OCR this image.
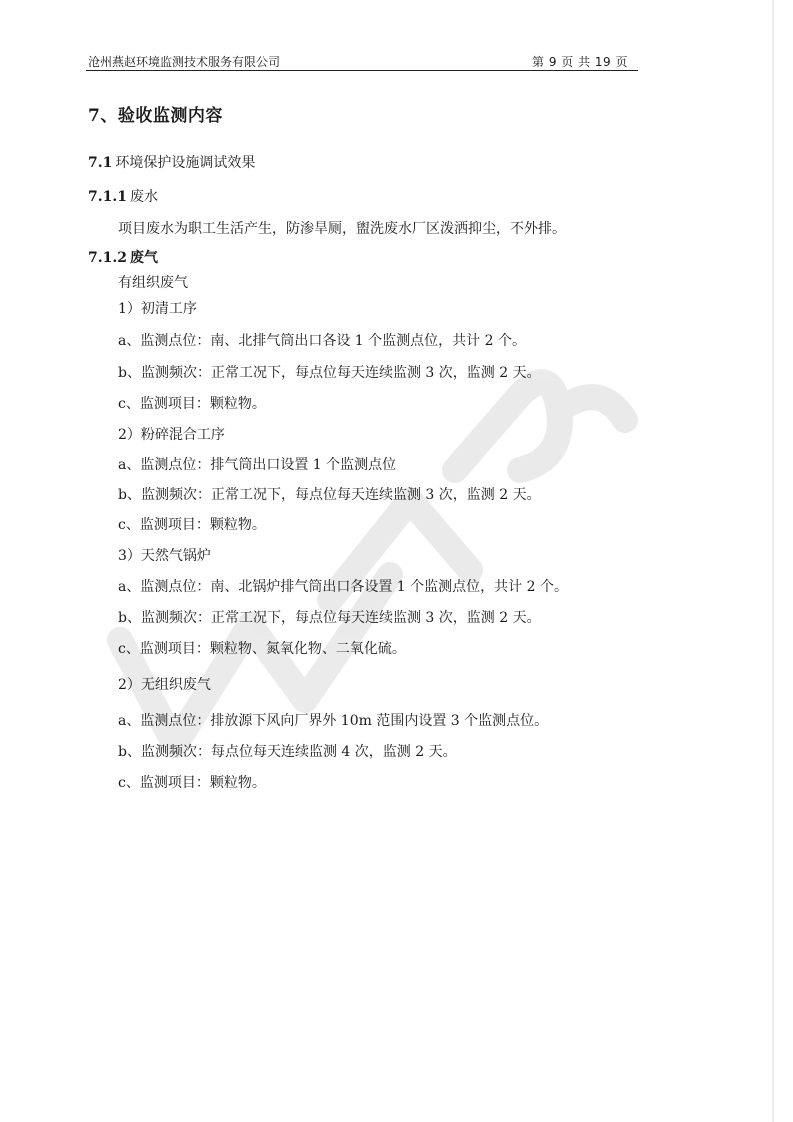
沧州燕赵环境监测技术服务有限公司	第 9 页 共 19 页
7、验收监测内容
7.1 环境保护设施调试效果
7.1.1 废水
项目废水为职工生活产生，防渗旱厕，盥洗废水厂区泼洒抑尘，不外排。
7.1.2 废气
有组织废气
1）初清工序
a、监测点位：南、北排气筒出口各设 1 个监测点位，共计 2 个。
b、监测频次：正常工况下，每点位每天连续监测 3 次，监测 2 天。
c、监测项目：颗粒物。
2）粉碎混合工序
a、监测点位：排气筒出口设置 1 个监测点位
b、监测频次：正常工况下，每点位每天连续监测 3 次，监测 2 天。
c、监测项目：颗粒物。
3）天然气锅炉
a、监测点位：南、北锅炉排气筒出口各设置 1 个监测点位，共计 2 个。
b、监测频次：正常工况下，每点位每天连续监测 3 次，监测 2 天。
c、监测项目：颗粒物、氮氧化物、二氧化硫。
2）无组织废气
a、监测点位：排放源下风向厂界外 10m 范围内设置 3 个监测点位。
b、监测频次：每点位每天连续监测 4 次，监测 2 天。
c、监测项目：颗粒物。
